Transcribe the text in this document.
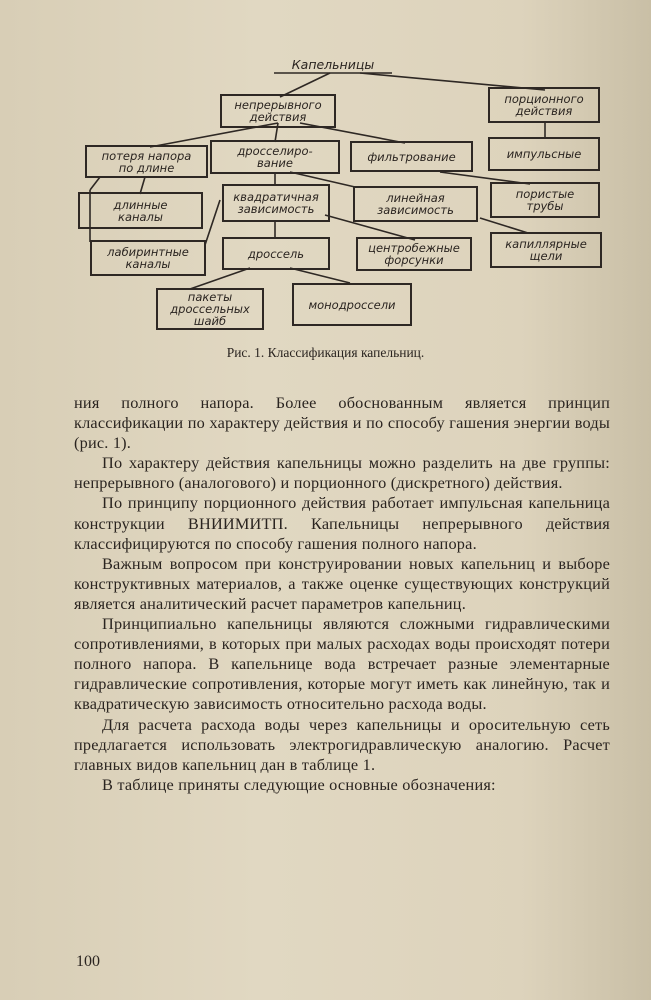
Капельницы
непрерывного
действия
порционного
действия
потеря напора
по длине
дросселиро-
вание	фильтрование	импульсные
длинные
каналы
квадратичная
зависимость
линейная
зависимость
пористые
трубы
лабиринтные
каналы
дроссель	центробежные
форсунки
капиллярные
щели
пакеты
дроссельных
шайб
монодроссели
Рис. 1. Классификация капельниц.

ния полного напора. Более обоснованным является принцип классификации по характеру действия и по способу гашения энергии воды (рис. 1).

По характеру действия капельницы можно разделить на две группы: непрерывного (аналогового) и порционного (дискретного) действия.

По принципу порционного действия работает импульсная капельница конструкции ВНИИМИТП. Капельницы непрерывного действия классифицируются по способу гашения полного напора.

Важным вопросом при конструировании новых капельниц и выборе конструктивных материалов, а также оценке существующих конструкций является аналитический расчет параметров капельниц.

Принципиально капельницы являются сложными гидравлическими сопротивлениями, в которых при малых расходах воды происходят потери полного напора. В капельнице вода встречает разные элементарные гидравлические сопротивления, которые могут иметь как линейную, так и квадратическую зависимость относительно расхода воды.

Для расчета расхода воды через капельницы и оросительную сеть предлагается использовать электрогидравлическую аналогию. Расчет главных видов капельниц дан в таблице 1.

В таблице приняты следующие основные обозначения:

100
